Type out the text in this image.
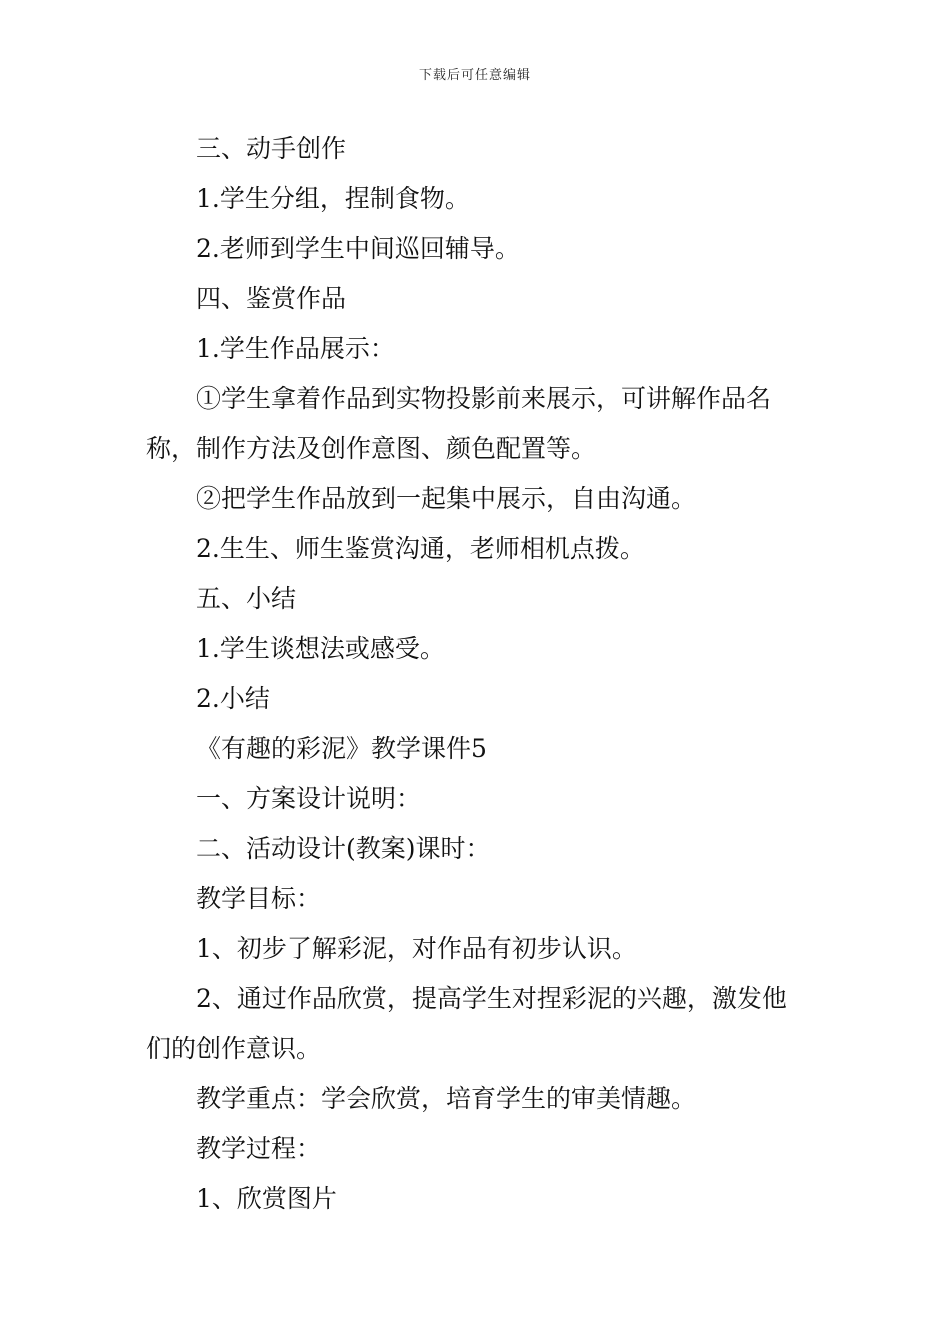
下载后可任意编辑

三、动手创作

1.学生分组，捏制食物。

2.老师到学生中间巡回辅导。

四、鉴赏作品

1.学生作品展示：

①学生拿着作品到实物投影前来展示，可讲解作品名称，制作方法及创作意图、颜色配置等。

②把学生作品放到一起集中展示，自由沟通。

2.生生、师生鉴赏沟通，老师相机点拨。

五、小结

1.学生谈想法或感受。

2.小结

《有趣的彩泥》教学课件5

一、方案设计说明：

二、活动设计(教案)课时：

教学目标：

1、初步了解彩泥，对作品有初步认识。

2、通过作品欣赏，提高学生对捏彩泥的兴趣，激发他们的创作意识。

教学重点：学会欣赏，培育学生的审美情趣。

教学过程：

1、欣赏图片
